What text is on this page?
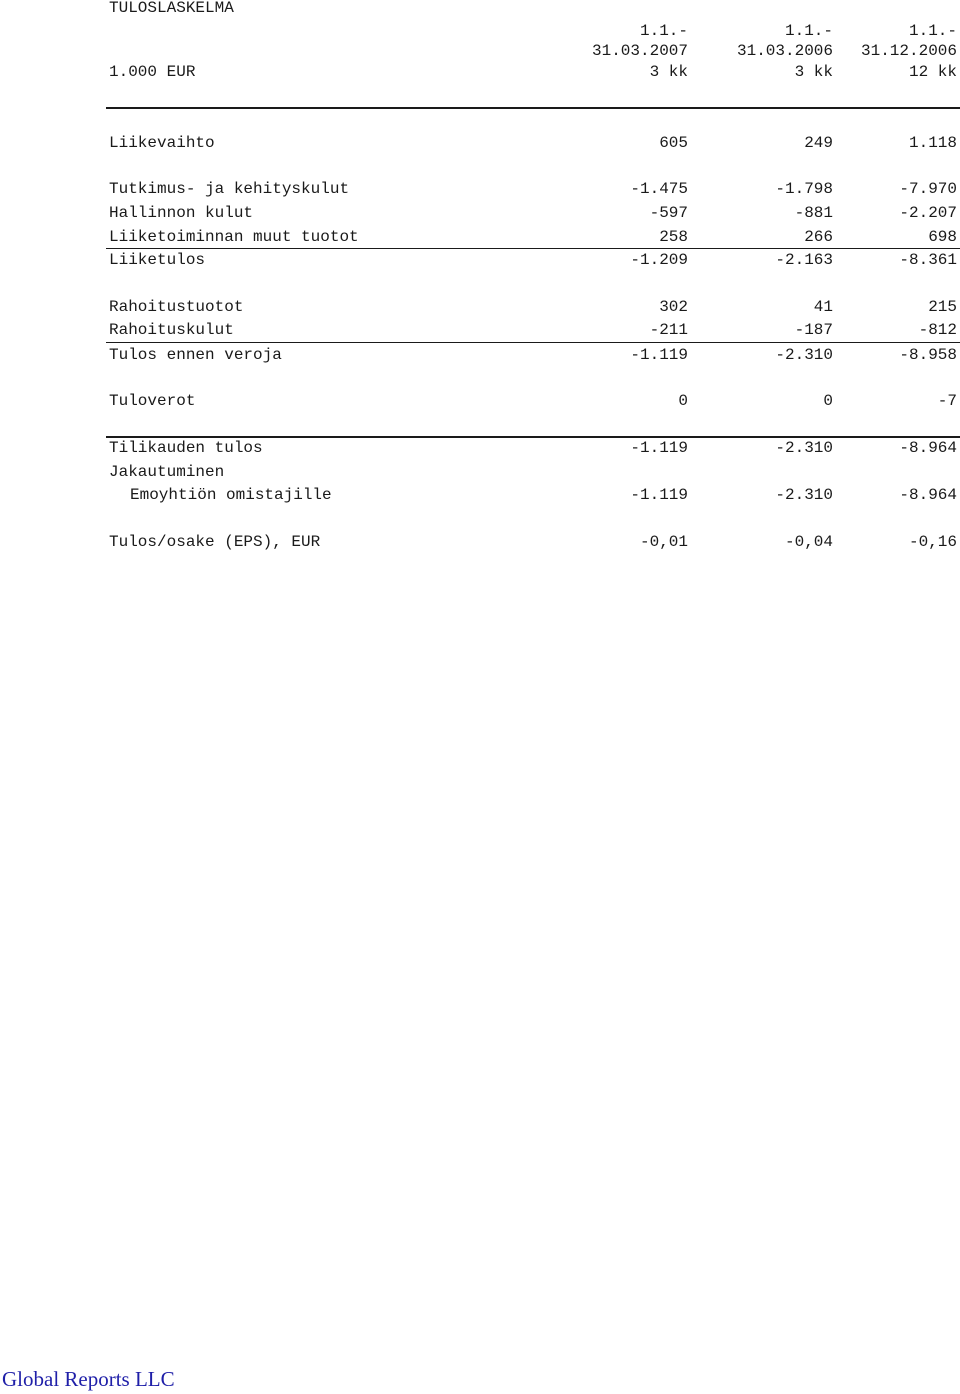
TULOSLASKELMA
1.1.-	1.1.-	1.1.-
31.03.2007	31.03.2006	31.12.2006
1.000 EUR	3 kk	3 kk	12 kk
Liikevaihto	605	249	1.118
Tutkimus- ja kehityskulut	-1.475	-1.798	-7.970
Hallinnon kulut	-597	-881	-2.207
Liiketoiminnan muut tuotot	258	266	698
Liiketulos	-1.209	-2.163	-8.361
Rahoitustuotot	302	41	215
Rahoituskulut	-211	-187	-812
Tulos ennen veroja	-1.119	-2.310	-8.958
Tuloverot	0	0	-7
Tilikauden tulos	-1.119	-2.310	-8.964
Jakautuminen
Emoyhtiön omistajille	-1.119	-2.310	-8.964
Tulos/osake (EPS), EUR	-0,01	-0,04	-0,16
Global Reports LLC
